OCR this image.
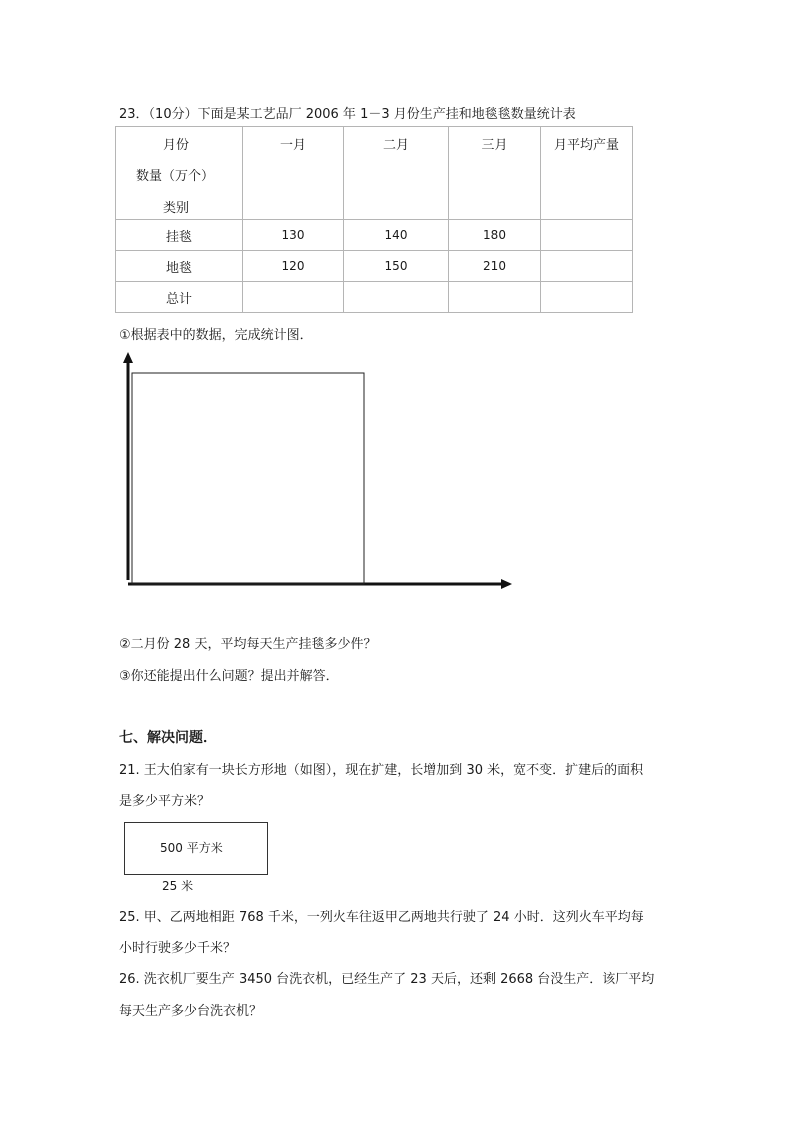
23．（10分）下面是某工艺品厂 2006 年 1－3 月份生产挂和地毯毯数量统计表
月份
数量（万个）
类别	一月	二月	三月	月平均产量
挂毯	130	140	180	
地毯	120	150	210	
总计				
①根据表中的数据，完成统计图．
②二月份 28 天，平均每天生产挂毯多少件？
③你还能提出什么问题？提出并解答．
七、解决问题．
21. 王大伯家有一块长方形地（如图），现在扩建，长增加到 30 米，宽不变．扩建后的面积
是多少平方米？
500 平方米
25 米
25. 甲、乙两地相距 768 千米，一列火车往返甲乙两地共行驶了 24 小时．这列火车平均每
小时行驶多少千米？
26. 洗衣机厂要生产 3450 台洗衣机，已经生产了 23 天后，还剩 2668 台没生产．该厂平均
每天生产多少台洗衣机？
